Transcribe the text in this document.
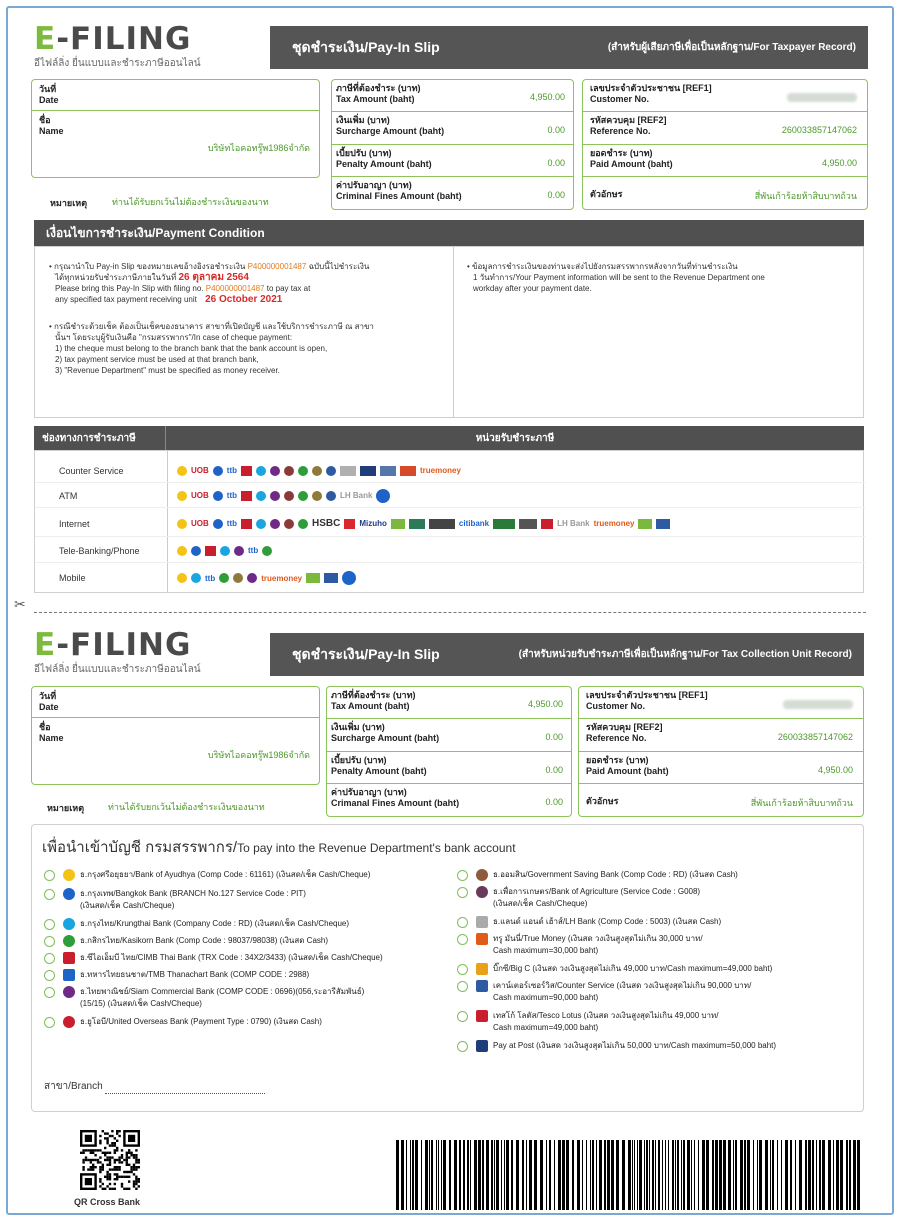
E-FILING
อีไฟล์ลิ่ง ยื่นแบบและชำระภาษีออนไลน์
ชุดชำระเงิน/Pay-In Slip	(สำหรับผู้เสียภาษีเพื่อเป็นหลักฐาน/For Taxpayer Record)
วันที่
Date
ชื่อ
Name
บริษัทไอคอทรู๊พ1986จำกัด
หมายเหตุ	ท่านได้รับยกเว้นไม่ต้องชำระเงินของนาท
ภาษีที่ต้องชำระ (บาท)
Tax Amount (baht)	4,950.00
เงินเพิ่ม (บาท)
Surcharge Amount (baht)	0.00
เบี้ยปรับ (บาท)
Penalty Amount (baht)	0.00
ค่าปรับอาญา (บาท)
Criminal Fines Amount (baht)	0.00
เลขประจำตัวประชาชน [REF1]
Customer No.
รหัสควบคุม [REF2]
Reference No.	260033857147062
ยอดชำระ (บาท)
Paid Amount (baht)	4,950.00
ตัวอักษร	สี่พันเก้าร้อยห้าสิบบาทถ้วน
เงื่อนไขการชำระเงิน/Payment Condition
• กรุณานำใบ Pay-in Slip ของหมายเลขอ้างอิงรอชำระเงิน P400000001487 ฉบับนี้ไปชำระเงิน
ได้ทุกหน่วยรับชำระภาษีภายในวันที่ 26 ตุลาคม 2564
Please bring this Pay-In Slip with filing no. P400000001487 to pay tax at
any specified tax payment receiving unit 26 October 2021
• กรณีชำระด้วยเช็ค ต้องเป็นเช็คของธนาคาร สาขาที่เปิดบัญชี และใช้บริการชำระภาษี ณ สาขา
นั้นฯ โดยระบุผู้รับเงินคือ "กรมสรรพากร"/In case of cheque payment:
1) the cheque must belong to the branch bank that the bank account is open,
2) tax payment service must be used at that branch bank,
3) "Revenue Department" must be specified as money receiver.
• ข้อมูลการชำระเงินของท่านจะส่งไปยังกรมสรรพากรหลังจากวันที่ท่านชำระเงิน
1 วันทำการ/Your Payment information will be sent to the Revenue Department one
workday after your payment date.
ช่องทางการชำระภาษี	หน่วยรับชำระภาษี
Counter Service	UOB ttb	truemoney
ATM	UOB ttb	LH Bank
Internet	UOB ttb	HSBC Mizuho	citibank	LH Bank truemoney
Tele-Banking/Phone	ttb
Mobile	ttb	truemoney
✂
E-FILING
อีไฟล์ลิ่ง ยื่นแบบและชำระภาษีออนไลน์
ชุดชำระเงิน/Pay-In Slip	(สำหรับหน่วยรับชำระภาษีเพื่อเป็นหลักฐาน/For Tax Collection Unit Record)
วันที่
Date
ชื่อ
Name
บริษัทไอคอทรู๊พ1986จำกัด
หมายเหตุ	ท่านได้รับยกเว้นไม่ต้องชำระเงินของนาท
ภาษีที่ต้องชำระ (บาท)
Tax Amount (baht)	4,950.00
เงินเพิ่ม (บาท)
Surcharge Amount (baht)	0.00
เบี้ยปรับ (บาท)
Penalty Amount (baht)	0.00
ค่าปรับอาญา (บาท)
Crimanal Fines Amount (baht)	0.00
เลขประจำตัวประชาชน [REF1]
Customer No.
รหัสควบคุม [REF2]
Reference No.	260033857147062
ยอดชำระ (บาท)
Paid Amount (baht)	4,950.00
ตัวอักษร	สี่พันเก้าร้อยห้าสิบบาทถ้วน
เพื่อนำเข้าบัญชี กรมสรรพากร/To pay into the Revenue Department's bank account
ธ.กรุงศรีอยุธยา/Bank of Ayudhya (Comp Code : 61161) (เงินสด/เช็ค Cash/Cheque)
ธ.กรุงเทพ/Bangkok Bank (BRANCH No.127 Service Code : PIT)
(เงินสด/เช็ค Cash/Cheque)
ธ.กรุงไทย/Krungthai Bank (Company Code : RD) (เงินสด/เช็ค Cash/Cheque)
ธ.กสิกรไทย/Kasikorn Bank (Comp Code : 98037/98038) (เงินสด Cash)
ธ.ซีไอเอ็มบี ไทย/CIMB Thai Bank (TRX Code : 34X2/3433) (เงินสด/เช็ค Cash/Cheque)
ธ.ทหารไทยธนชาต/TMB Thanachart Bank (COMP CODE : 2988)
ธ.ไทยพาณิชย์/Siam Commercial Bank (COMP CODE : 0696)(056,ระอารีสัมพันธ์)
(15/15) (เงินสด/เช็ค Cash/Cheque)
ธ.ยูโอบี/United Overseas Bank (Payment Type : 0790) (เงินสด Cash)
ธ.ออมสิน/Government Saving Bank (Comp Code : RD) (เงินสด Cash)
ธ.เพื่อการเกษตร/Bank of Agriculture (Service Code : G008)
(เงินสด/เช็ค Cash/Cheque)
ธ.แลนด์ แอนด์ เฮ้าส์/LH Bank (Comp Code : 5003) (เงินสด Cash)
ทรู มันนี่/True Money (เงินสด วงเงินสูงสุดไม่เกิน 30,000 บาท/
Cash maximum=30,000 baht)
บิ๊กซี/Big C (เงินสด วงเงินสูงสุดไม่เกิน 49,000 บาท/Cash maximum=49,000 baht)
เคาน์เตอร์เซอร์วิส/Counter Service (เงินสด วงเงินสูงสุดไม่เกิน 90,000 บาท/
Cash maximum=90,000 baht)
เทสโก้ โลตัส/Tesco Lotus (เงินสด วงเงินสูงสุดไม่เกิน 49,000 บาท/
Cash maximum=49,000 baht)
Pay at Post (เงินสด วงเงินสูงสุดไม่เกิน 50,000 บาท/Cash maximum=50,000 baht)
สาขา/Branch
QR Cross Bank
